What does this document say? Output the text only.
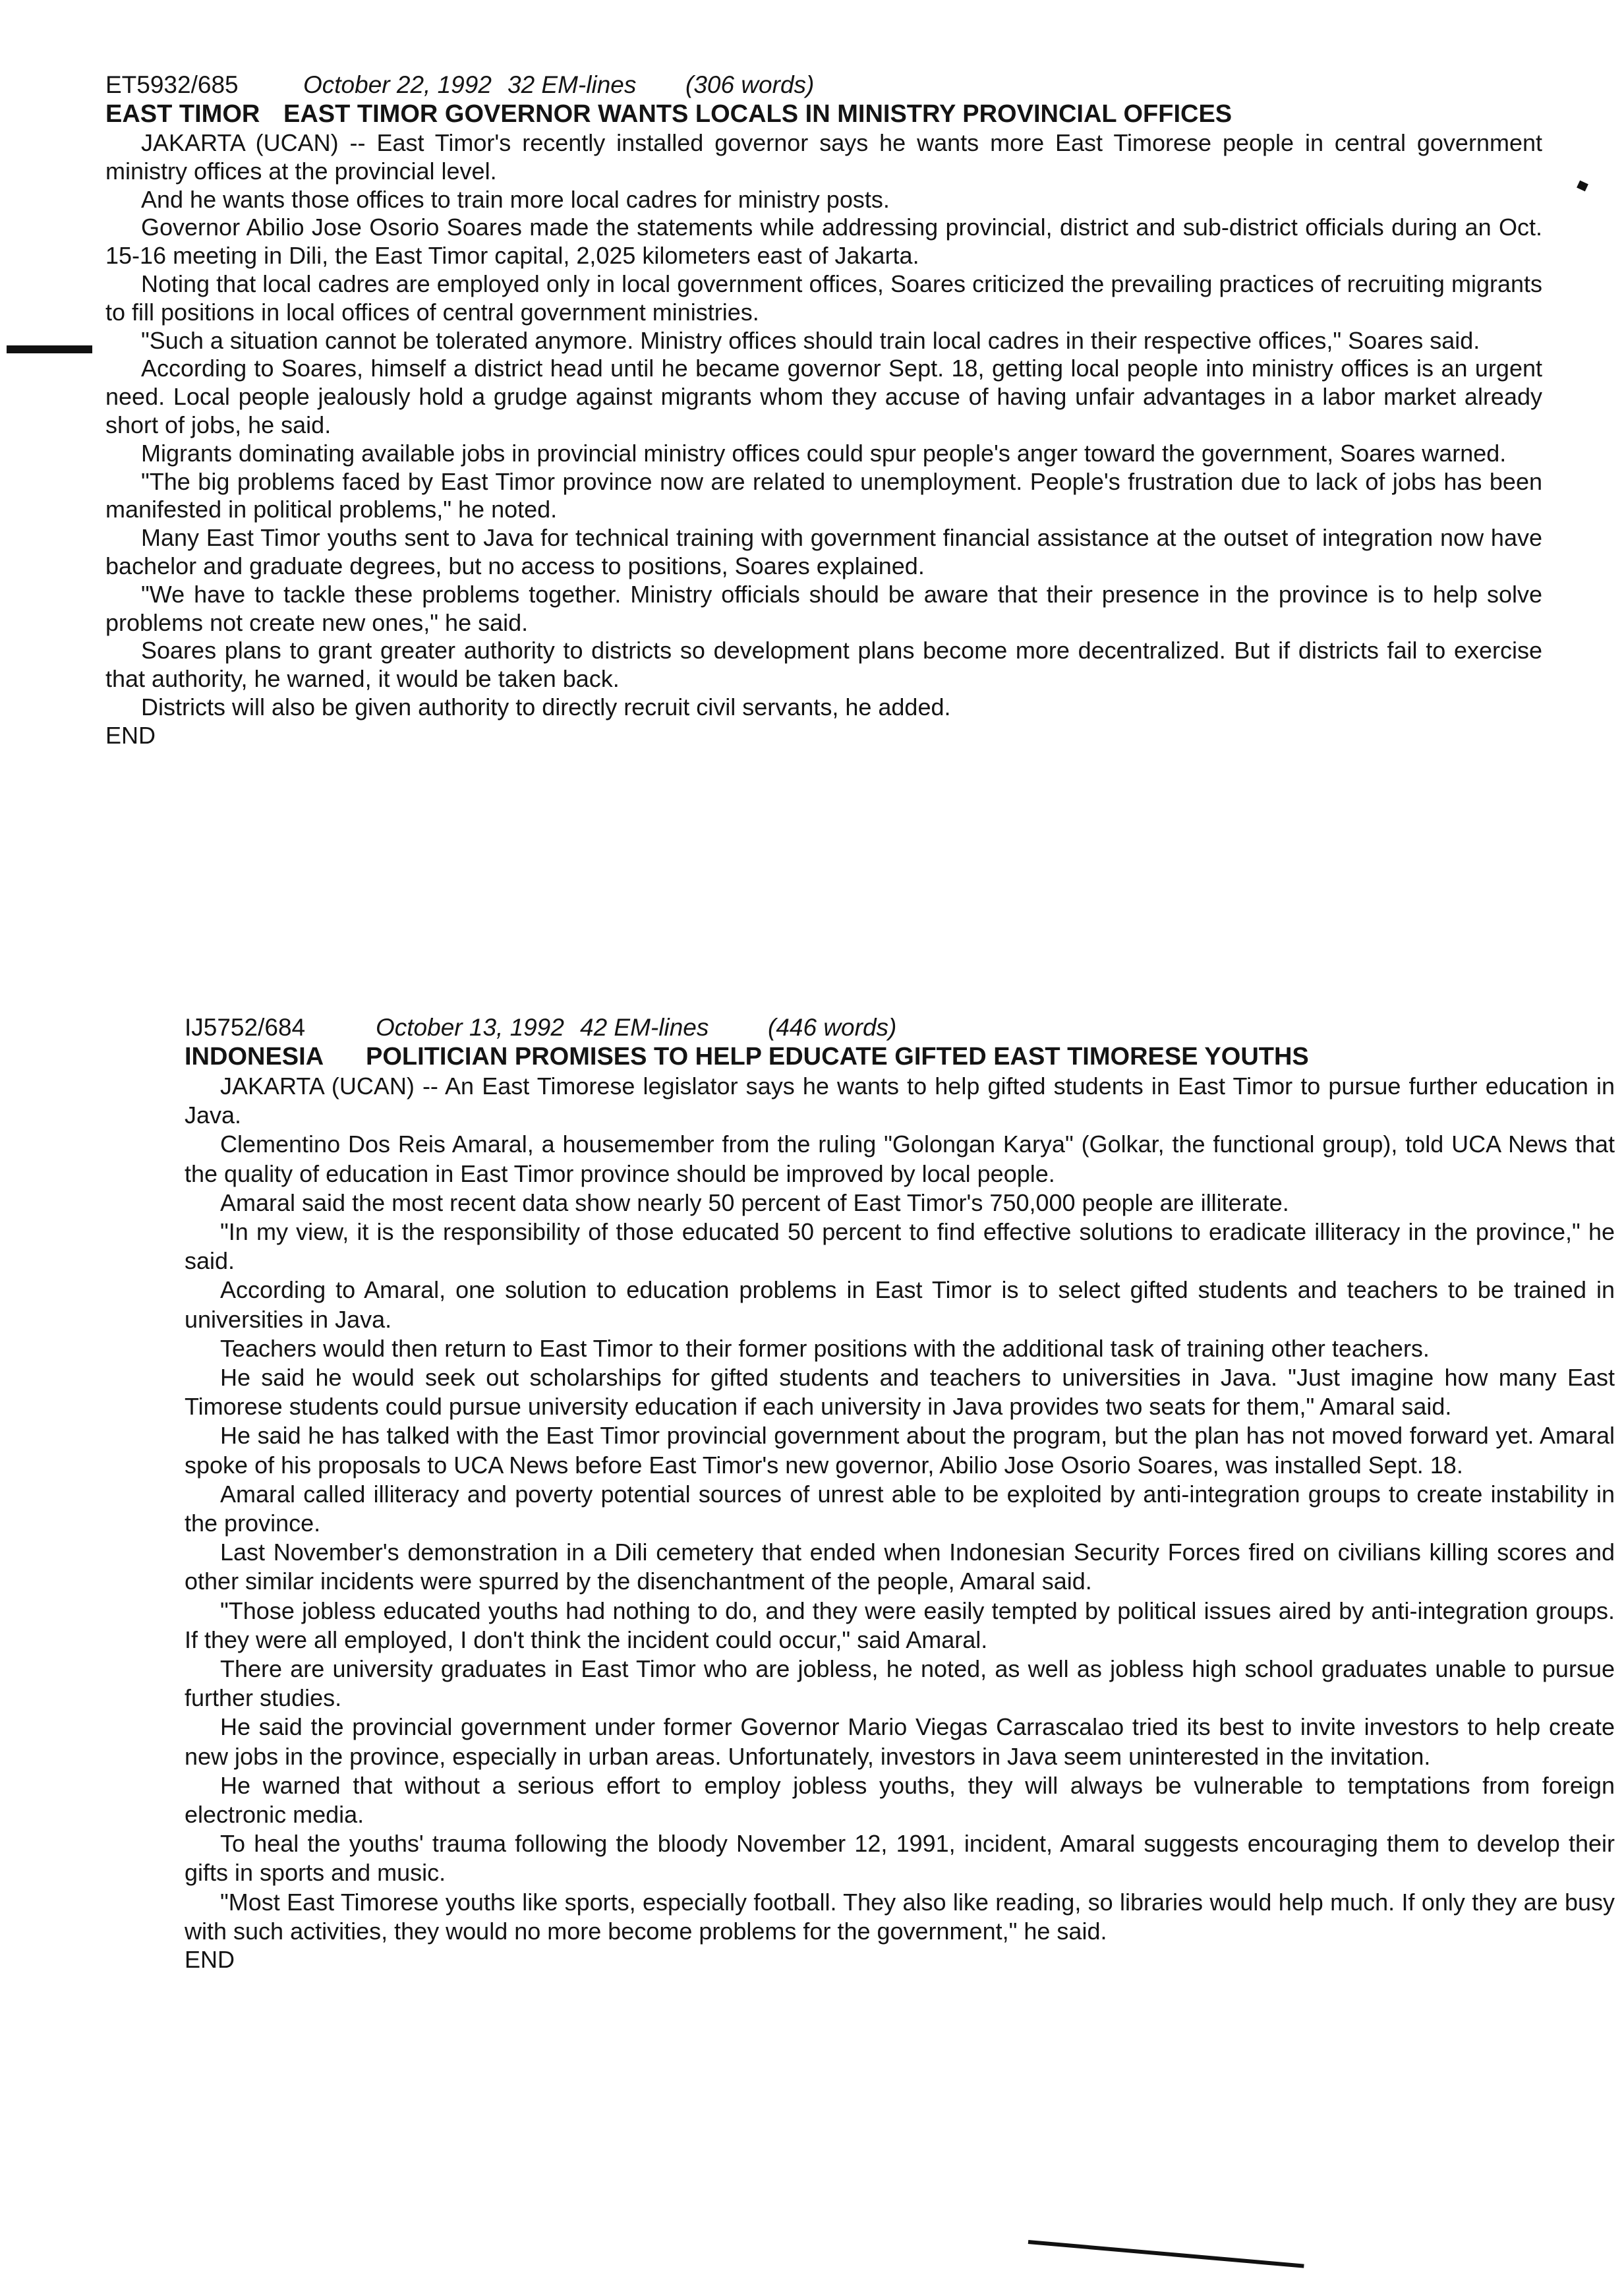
ET5932/685	October 22, 1992 32 EM-lines (306 words)
EAST TIMOR EAST TIMOR GOVERNOR WANTS LOCALS IN MINISTRY PROVINCIAL OFFICES

JAKARTA (UCAN) -- East Timor's recently installed governor says he wants more East Timorese people in central government ministry offices at the provincial level.

And he wants those offices to train more local cadres for ministry posts.

Governor Abilio Jose Osorio Soares made the statements while addressing provincial, district and sub-district officials during an Oct. 15-16 meeting in Dili, the East Timor capital, 2,025 kilometers east of Jakarta.

Noting that local cadres are employed only in local government offices, Soares criticized the prevailing practices of recruiting migrants to fill positions in local offices of central government ministries.

"Such a situation cannot be tolerated anymore. Ministry offices should train local cadres in their respective offices," Soares said.

According to Soares, himself a district head until he became governor Sept. 18, getting local people into ministry offices is an urgent need. Local people jealously hold a grudge against migrants whom they accuse of having unfair advantages in a labor market already short of jobs, he said.

Migrants dominating available jobs in provincial ministry offices could spur people's anger toward the government, Soares warned.

"The big problems faced by East Timor province now are related to unemployment. People's frustration due to lack of jobs has been manifested in political problems," he noted.

Many East Timor youths sent to Java for technical training with government financial assistance at the outset of integration now have bachelor and graduate degrees, but no access to positions, Soares explained.

"We have to tackle these problems together. Ministry officials should be aware that their presence in the province is to help solve problems not create new ones," he said.

Soares plans to grant greater authority to districts so development plans become more decentralized. But if districts fail to exercise that authority, he warned, it would be taken back.

Districts will also be given authority to directly recruit civil servants, he added.

END
IJ5752/684	October 13, 1992 42 EM-lines (446 words)
INDONESIA POLITICIAN PROMISES TO HELP EDUCATE GIFTED EAST TIMORESE YOUTHS

JAKARTA (UCAN) -- An East Timorese legislator says he wants to help gifted students in East Timor to pursue further education in Java.

Clementino Dos Reis Amaral, a housemember from the ruling "Golongan Karya" (Golkar, the functional group), told UCA News that the quality of education in East Timor province should be improved by local people.

Amaral said the most recent data show nearly 50 percent of East Timor's 750,000 people are illiterate.

"In my view, it is the responsibility of those educated 50 percent to find effective solutions to eradicate illiteracy in the province," he said.

According to Amaral, one solution to education problems in East Timor is to select gifted students and teachers to be trained in universities in Java.

Teachers would then return to East Timor to their former positions with the additional task of training other teachers.

He said he would seek out scholarships for gifted students and teachers to universities in Java. "Just imagine how many East Timorese students could pursue university education if each university in Java provides two seats for them," Amaral said.

He said he has talked with the East Timor provincial government about the program, but the plan has not moved forward yet. Amaral spoke of his proposals to UCA News before East Timor's new governor, Abilio Jose Osorio Soares, was installed Sept. 18.

Amaral called illiteracy and poverty potential sources of unrest able to be exploited by anti-integration groups to create instability in the province.

Last November's demonstration in a Dili cemetery that ended when Indonesian Security Forces fired on civilians killing scores and other similar incidents were spurred by the disenchantment of the people, Amaral said.

"Those jobless educated youths had nothing to do, and they were easily tempted by political issues aired by anti-integration groups. If they were all employed, I don't think the incident could occur," said Amaral.

There are university graduates in East Timor who are jobless, he noted, as well as jobless high school graduates unable to pursue further studies.

He said the provincial government under former Governor Mario Viegas Carrascalao tried its best to invite investors to help create new jobs in the province, especially in urban areas. Unfortunately, investors in Java seem uninterested in the invitation.

He warned that without a serious effort to employ jobless youths, they will always be vulnerable to temptations from foreign electronic media.

To heal the youths' trauma following the bloody November 12, 1991, incident, Amaral suggests encouraging them to develop their gifts in sports and music.

"Most East Timorese youths like sports, especially football. They also like reading, so libraries would help much. If only they are busy with such activities, they would no more become problems for the government," he said.

END
